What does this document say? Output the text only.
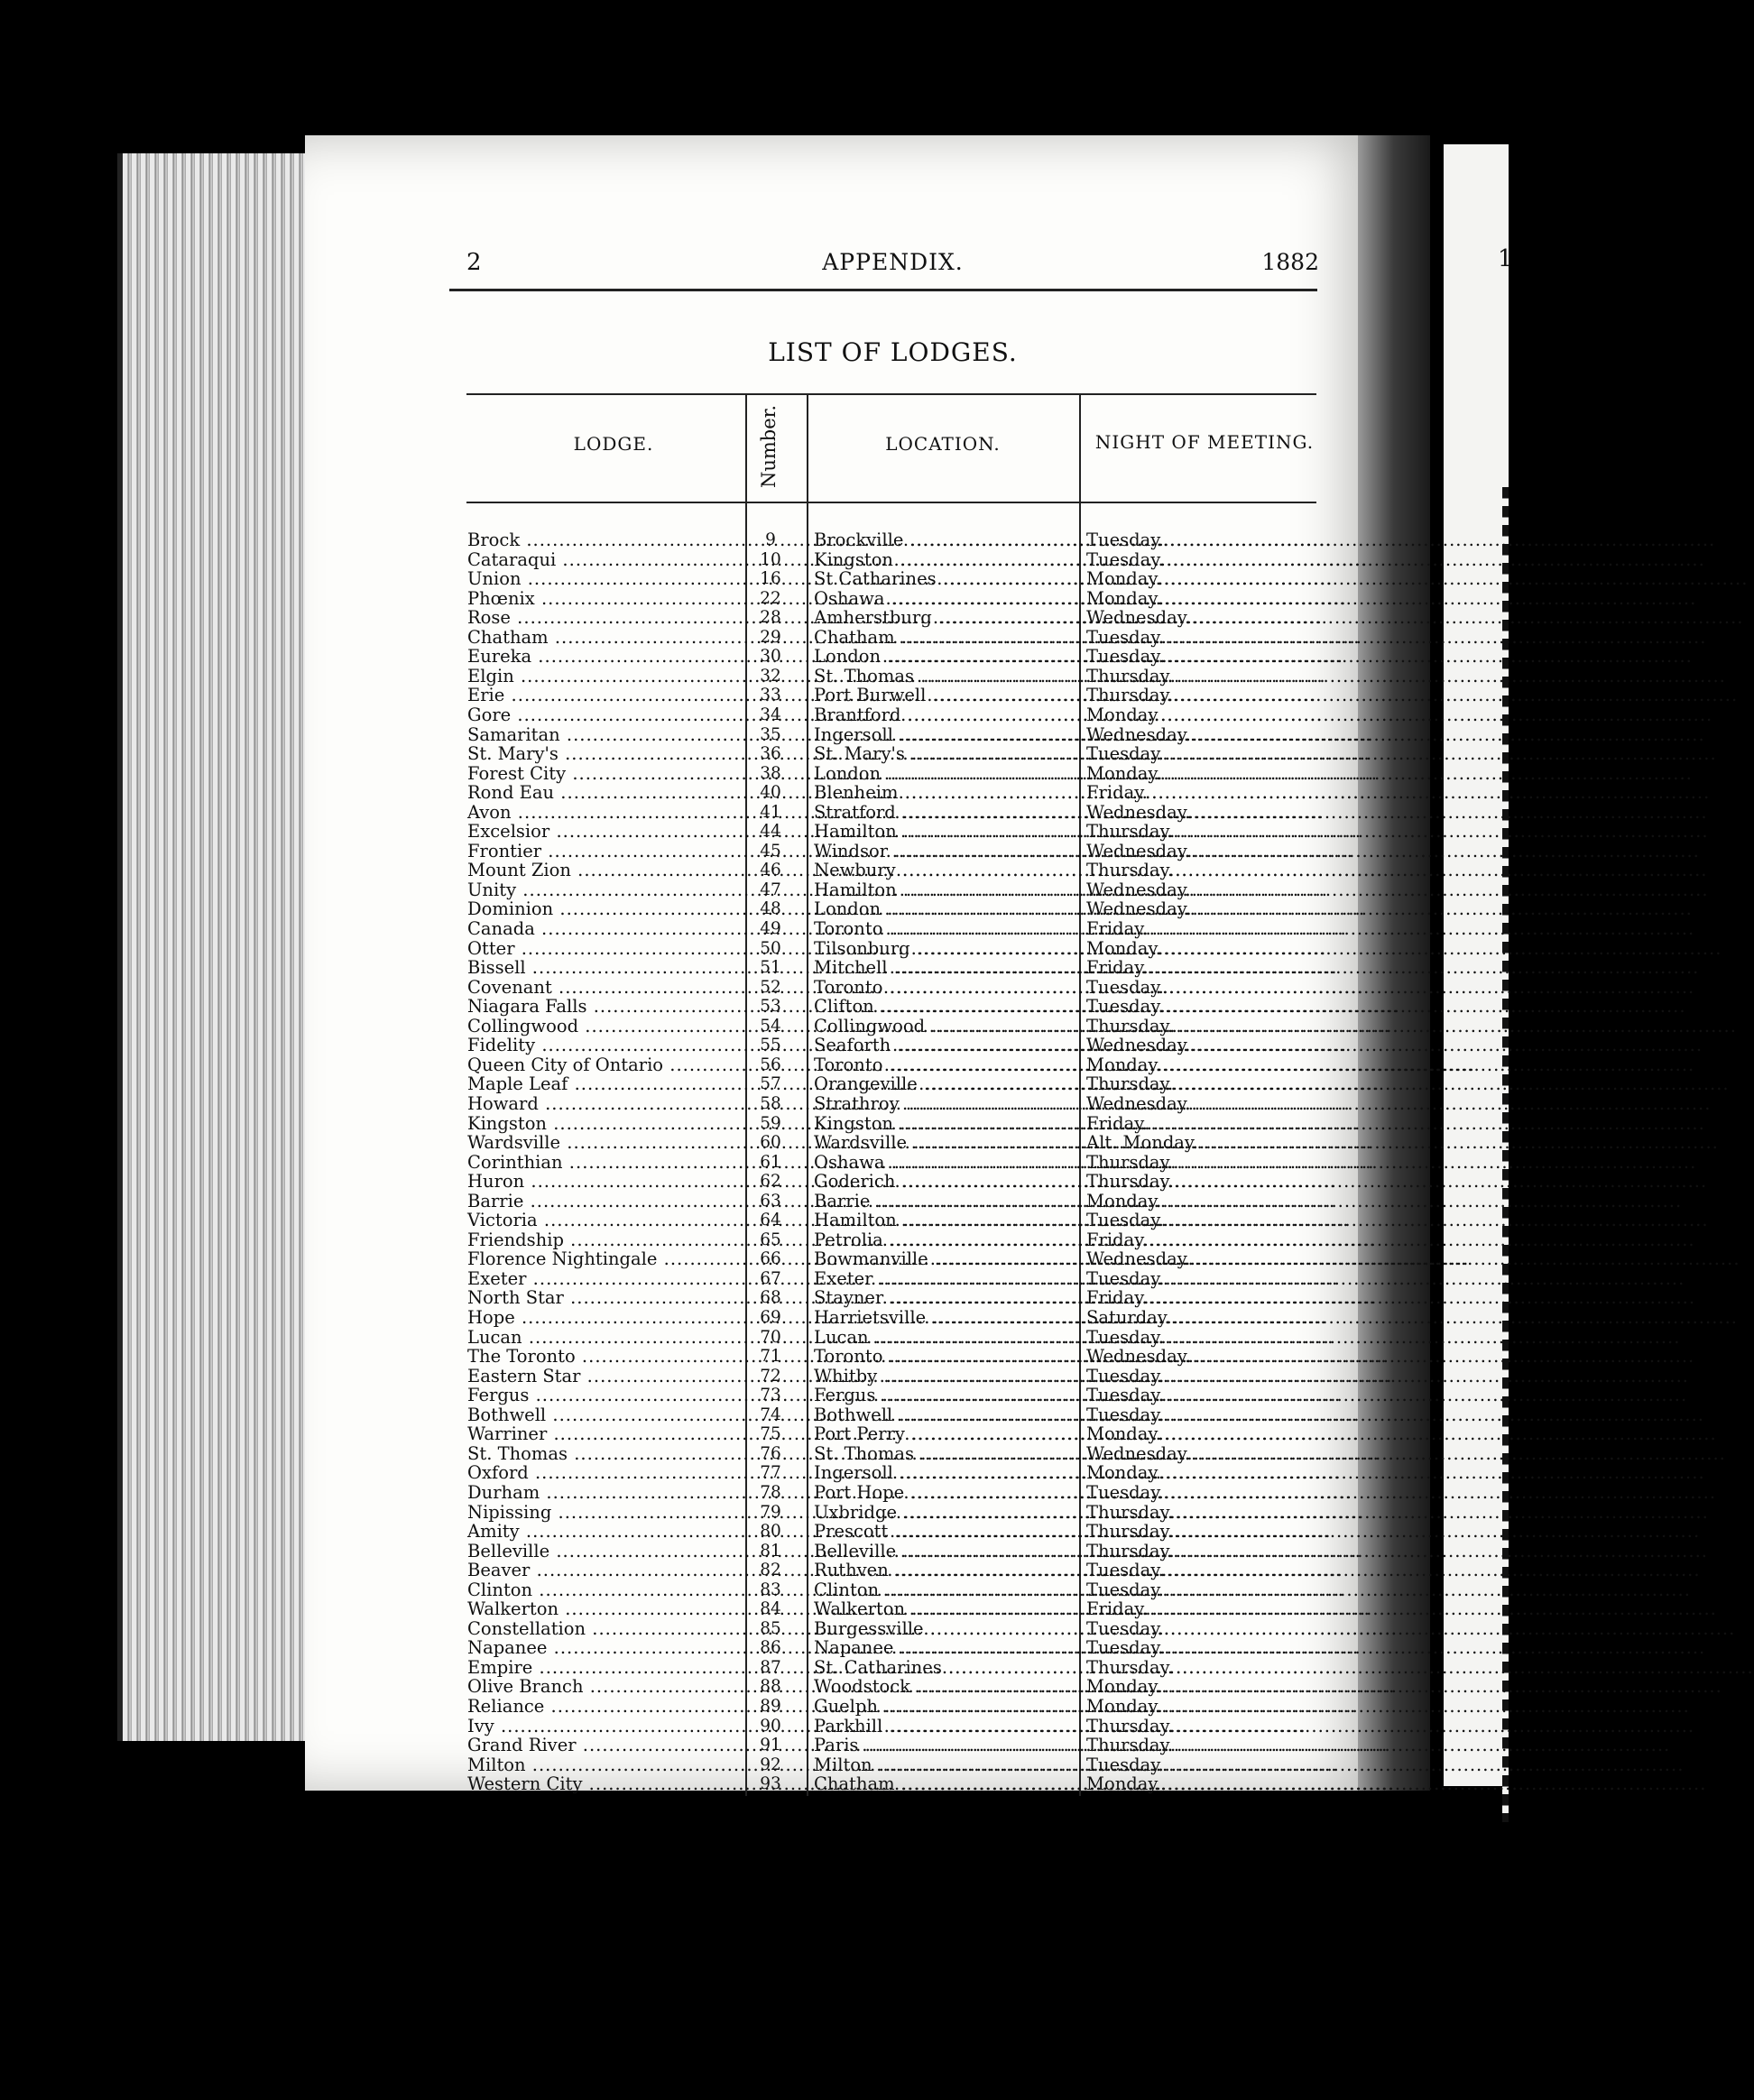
1
2	APPENDIX.	1882
LIST OF LODGES.
LODGE.	Number.	LOCATION.	NIGHT OF MEETING.
Brock .....	9	Brockville .....	Tuesday.
Cataraqui .....	10	Kingston .....	Tuesday.
Union .....	16	St Catharines .....	Monday.
Phœnix .....	22	Oshawa .....	Monday.
Rose .....	28	Amherstburg .....	Wednesday.
Chatham .....	29	Chatham .....	Tuesday.
Eureka .....	30	London .....	Tuesday.
Elgin .....	32	St. Thomas .....	Thursday.
Erie .....	33	Port Burwell .....	Thursday.
Gore .....	34	Brantford .....	Monday
Samaritan .....	35	Ingersoll .....	Wednesday.
St. Mary's .....	36	St. Mary's .....	Tuesday.
Forest City .....	38	London .....	Monday.
Rond Eau .....	40	Blenheim .....	Friday.
Avon .....	41	Stratford .....	Wednesday.
Excelsior .....	44	Hamilton .....	Thursday.
Frontier .....	45	Windsor .....	Wednesday.
Mount Zion .....	46	Newbury .....	Thursday.
Unity .....	47	Hamilton .....	Wednesday.
Dominion .....	48	London .....	Wednesday.
Canada .....	49	Toronto .....	Friday.
Otter .....	50	Tilsonburg .....	Monday.
Bissell .....	51	Mitchell .....	Friday.
Covenant .....	52	Toronto .....	Tuesday.
Niagara Falls .....	53	Clifton .....	Tuesday.
Collingwood .....	54	Collingwood .....	Thursday.
Fidelity .....	55	Seaforth .....	Wednesday.
Queen City of Ontario .....	56	Toronto .....	Monday.
Maple Leaf .....	57	Orangeville .....	Thursday.
Howard .....	58	Strathroy .....	Wednesday.
Kingston .....	59	Kingston .....	Friday.
Wardsville .....	60	Wardsville .....	Alt. Monday.
Corinthian .....	61	Oshawa .....	Thursday.
Huron .....	62	Goderich .....	Thursday.
Barrie .....	63	Barrie .....	Monday.
Victoria .....	64	Hamilton .....	Tuesday.
Friendship .....	65	Petrolia .....	Friday.
Florence Nightingale .....	66	Bowmanville .....	Wednesday.
Exeter .....	67	Exeter .....	Tuesday.
North Star .....	68	Stayner .....	Friday.
Hope .....	69	Harrietsville .....	Saturday.
Lucan .....	70	Lucan .....	Tuesday.
The Toronto .....	71	Toronto .....	Wednesday.
Eastern Star .....	72	Whitby .....	Tuesday.
Fergus .....	73	Fergus .....	Tuesday.
Bothwell .....	74	Bothwell .....	Tuesday.
Warriner .....	75	Port Perry .....	Monday.
St. Thomas .....	76	St. Thomas .....	Wednesday.
Oxford .....	77	Ingersoll .....	Monday.
Durham .....	78	Port Hope .....	Tuesday.
Nipissing .....	79	Uxbridge .....	Thursday.
Amity .....	80	Prescott .....	Thursday.
Belleville .....	81	Belleville .....	Thursday.
Beaver .....	82	Ruthven .....	Tuesday.
Clinton .....	83	Clinton .....	Tuesday.
Walkerton .....	84	Walkerton .....	Friday.
Constellation .....	85	Burgessville .....	Tuesday.
Napanee .....	86	Napanee .....	Tuesday.
Empire .....	87	St. Catharines .....	Thursday.
Olive Branch .....	88	Woodstock .....	Monday.
Reliance .....	89	Guelph .....	Monday.
Ivy .....	90	Parkhill .....	Thursday.
Grand River .....	91	Paris .....	Thursday.
Milton .....	92	Milton .....	Tuesday.
Western City .....	93	Chatham .....	Monday.
